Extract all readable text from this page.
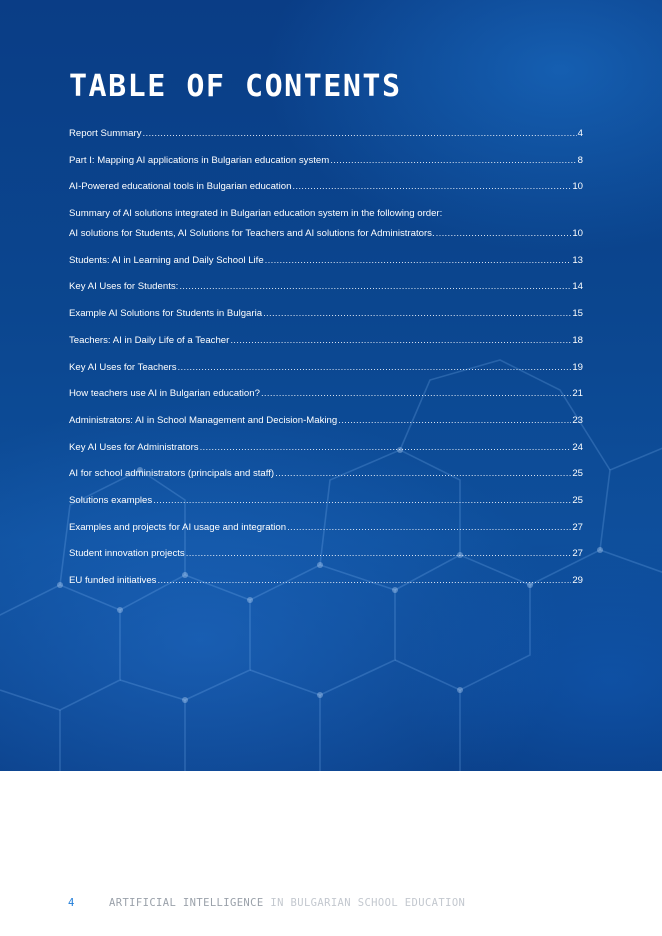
TABLE OF CONTENTS
Report Summary .....	4
Part I: Mapping AI applications in Bulgarian education system .....	8
AI-Powered educational tools in Bulgarian education .....	10
Summary of AI solutions integrated in Bulgarian education system in the following order:
AI solutions for Students, AI Solutions for Teachers and AI solutions for Administrators. .....	10
Students: AI in Learning and Daily School Life .....	13
Key AI Uses for Students: .....	14
Example AI Solutions for Students in Bulgaria .....	15
Teachers: AI in Daily Life of a Teacher .....	18
Key AI Uses for Teachers .....	19
How teachers use AI in Bulgarian education? .....	21
Administrators: AI in School Management and Decision-Making .....	23
Key AI Uses for Administrators .....	24
AI for school administrators (principals and staff) .....	25
Solutions examples .....	25
Examples and projects for AI usage and integration .....	27
Student innovation projects .....	27
EU funded initiatives .....	29
4	ARTIFICIAL INTELLIGENCE IN BULGARIAN SCHOOL EDUCATION
